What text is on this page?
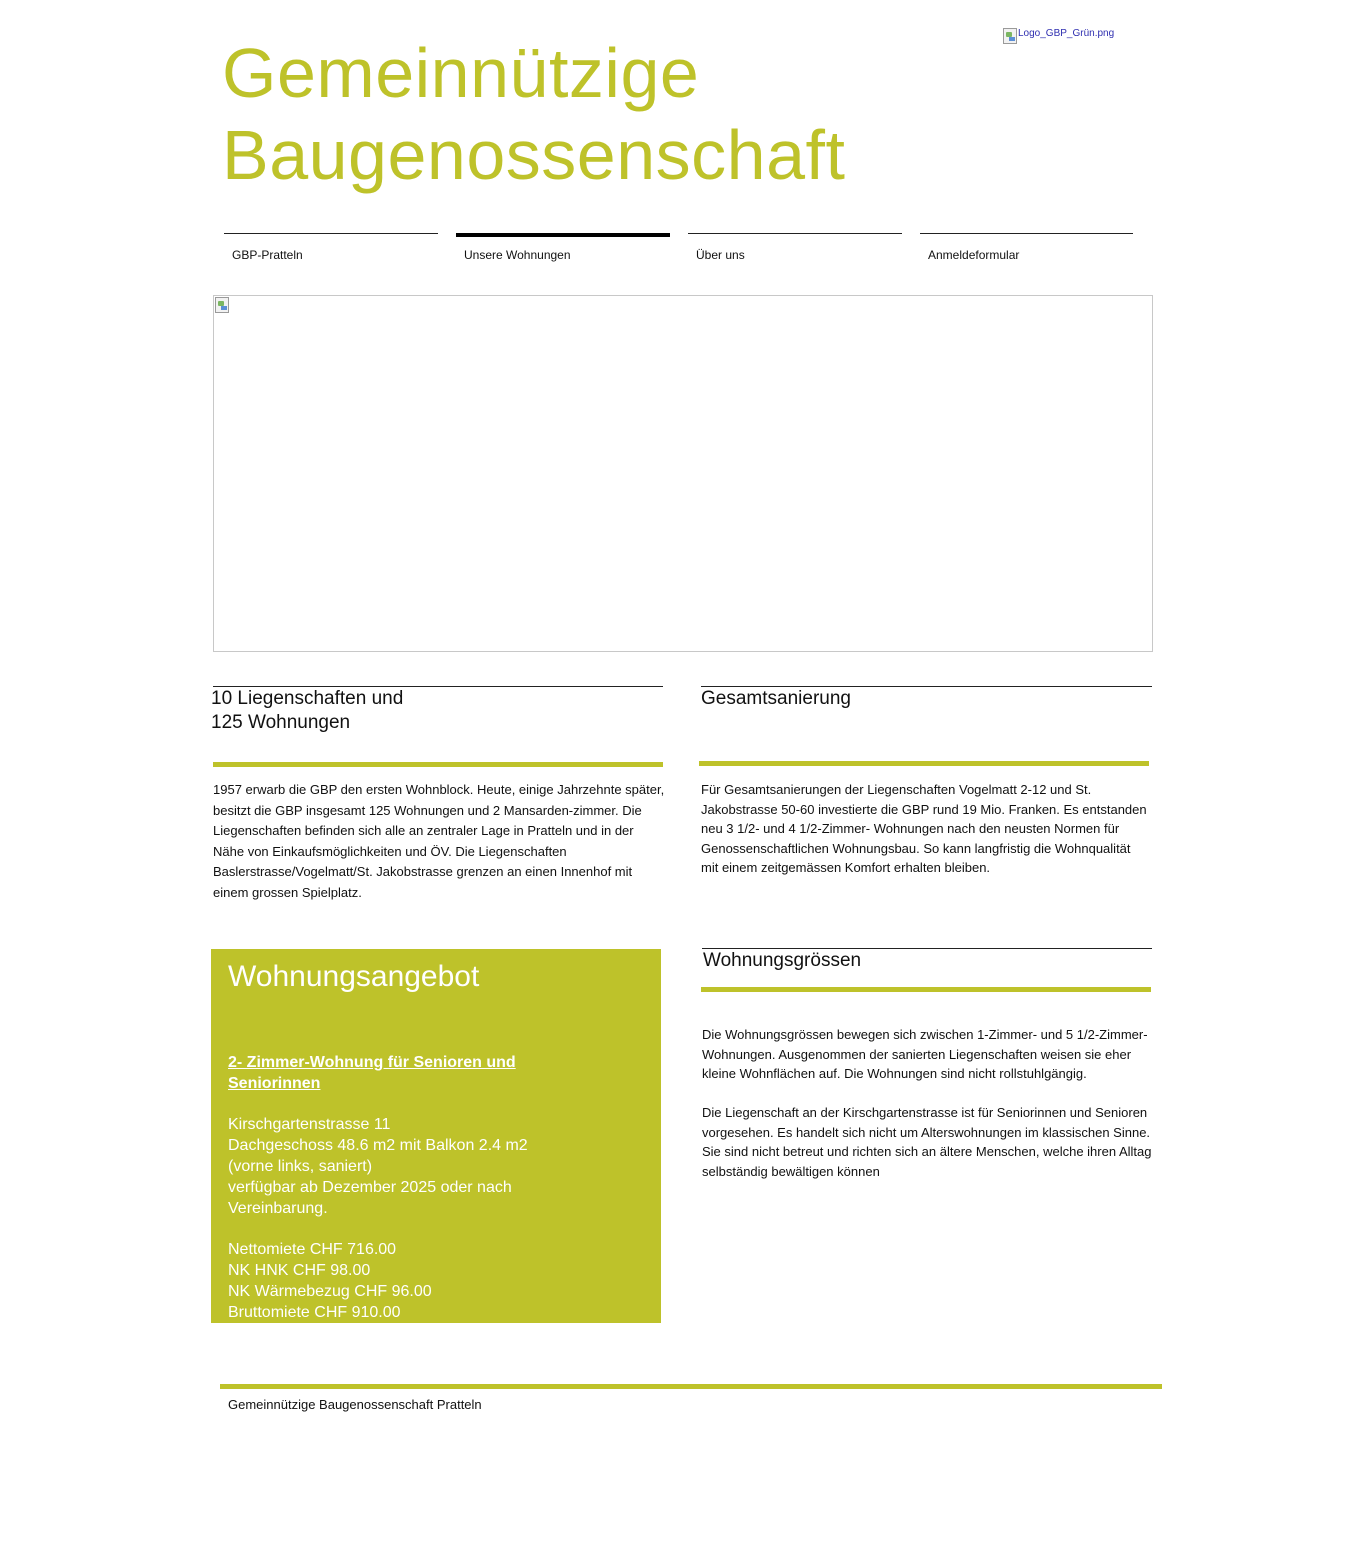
Gemeinnützige
Baugenossenschaft
Logo_GBP_Grün.png
GBP-Pratteln	Unsere Wohnungen	Über uns	Anmeldeformular
10 Liegenschaften und
125 Wohnungen

1957 erwarb die GBP den ersten Wohnblock. Heute, einige Jahrzehnte später, besitzt die GBP insgesamt 125 Wohnungen und 2 Mansarden-zimmer. Die Liegenschaften befinden sich alle an zentraler Lage in Pratteln und in der Nähe von Einkaufsmöglichkeiten und ÖV. Die Liegenschaften Baslerstrasse/Vogelmatt/St. Jakobstrasse grenzen an einen Innenhof mit einem grossen Spielplatz.

Gesamtsanierung

Für Gesamtsanierungen der Liegenschaften Vogelmatt 2-12 und St. Jakobstrasse 50-60 investierte die GBP rund 19 Mio. Franken. Es entstanden neu 3 1/2- und 4 1/2-Zimmer- Wohnungen nach den neusten Normen für Genossenschaftlichen Wohnungsbau. So kann langfristig die Wohnqualität mit einem zeitgemässen Komfort erhalten bleiben.

Wohnungsangebot
2- Zimmer-Wohnung für Senioren und Seniorinnen
Kirschgartenstrasse 11
Dachgeschoss 48.6 m2 mit Balkon 2.4 m2
(vorne links, saniert)
verfügbar ab Dezember 2025 oder nach
Vereinbarung.
Nettomiete CHF 716.00
NK HNK CHF 98.00
NK Wärmebezug CHF 96.00
Bruttomiete CHF 910.00
Wohnungsgrössen

Die Wohnungsgrössen bewegen sich zwischen 1-Zimmer- und 5 1/2-Zimmer-Wohnungen. Ausgenommen der sanierten Liegenschaften weisen sie eher kleine Wohnflächen auf. Die Wohnungen sind nicht rollstuhlgängig.

Die Liegenschaft an der Kirschgartenstrasse ist für Seniorinnen und Senioren vorgesehen. Es handelt sich nicht um Alterswohnungen im klassischen Sinne. Sie sind nicht betreut und richten sich an ältere Menschen, welche ihren Alltag selbständig bewältigen können

Gemeinnützige Baugenossenschaft Pratteln
